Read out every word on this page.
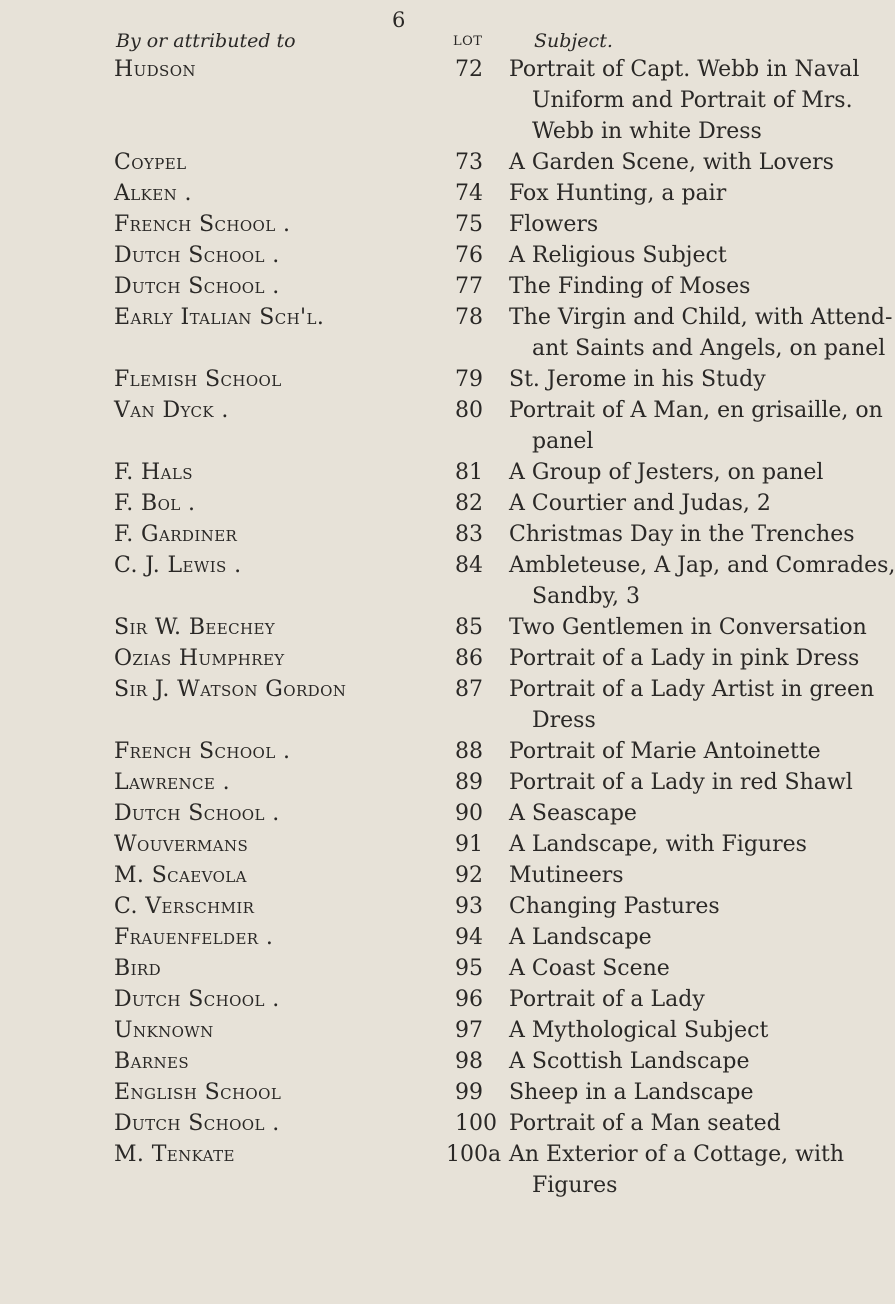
6
By or attributed to	LOT	Subject.
Hudson	72 Portrait of Capt. Webb in Naval
Uniform and Portrait of Mrs.
Webb in white Dress
Coypel	73 A Garden Scene, with Lovers
Alken .	74 Fox Hunting, a pair
French School .	75 Flowers
Dutch School .	76 A Religious Subject
Dutch School .	77 The Finding of Moses
Early Italian Sch'l.	78 The Virgin and Child, with Attend-
ant Saints and Angels, on panel
Flemish School	79 St. Jerome in his Study
Van Dyck .	80 Portrait of A Man, en grisaille, on
panel
F. Hals	81 A Group of Jesters, on panel
F. Bol .	82 A Courtier and Judas, 2
F. Gardiner	83 Christmas Day in the Trenches
C. J. Lewis .	84 Ambleteuse, A Jap, and Comrades,
Sandby, 3
Sir W. Beechey	85 Two Gentlemen in Conversation
Ozias Humphrey	86 Portrait of a Lady in pink Dress
Sir J. Watson Gordon	87 Portrait of a Lady Artist in green
Dress
French School .	88 Portrait of Marie Antoinette
Lawrence .	89 Portrait of a Lady in red Shawl
Dutch School .	90 A Seascape
Wouvermans	91 A Landscape, with Figures
M. Scaevola	92 Mutineers
C. Verschmir	93 Changing Pastures
Frauenfelder .	94 A Landscape
Bird	95 A Coast Scene
Dutch School .	96 Portrait of a Lady
Unknown	97 A Mythological Subject
Barnes	98 A Scottish Landscape
English School	99 Sheep in a Landscape
Dutch School .	100 Portrait of a Man seated
M. Tenkate	100a An Exterior of a Cottage, with
Figures
